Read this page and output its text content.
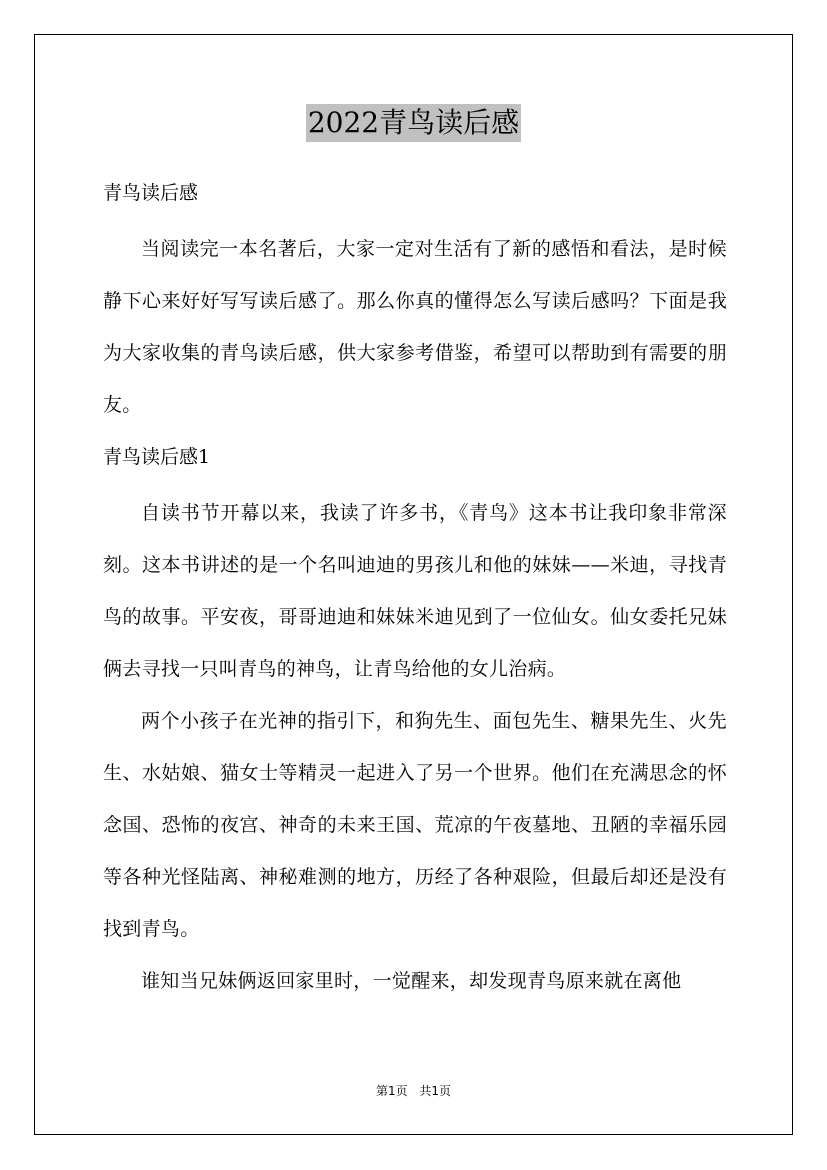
2022青鸟读后感
青鸟读后感

当阅读完一本名著后，大家一定对生活有了新的感悟和看法，是时候静下心来好好写写读后感了。那么你真的懂得怎么写读后感吗？下面是我为大家收集的青鸟读后感，供大家参考借鉴，希望可以帮助到有需要的朋友。

青鸟读后感1

自读书节开幕以来，我读了许多书，《青鸟》这本书让我印象非常深刻。这本书讲述的是一个名叫迪迪的男孩儿和他的妹妹——米迪，寻找青鸟的故事。平安夜，哥哥迪迪和妹妹米迪见到了一位仙女。仙女委托兄妹俩去寻找一只叫青鸟的神鸟，让青鸟给他的女儿治病。

两个小孩子在光神的指引下，和狗先生、面包先生、糖果先生、火先生、水姑娘、猫女士等精灵一起进入了另一个世界。他们在充满思念的怀念国、恐怖的夜宫、神奇的未来王国、荒凉的午夜墓地、丑陋的幸福乐园等各种光怪陆离、神秘难测的地方，历经了各种艰险，但最后却还是没有找到青鸟。

谁知当兄妹俩返回家里时，一觉醒来，却发现青鸟原来就在离他

第1页 共1页
